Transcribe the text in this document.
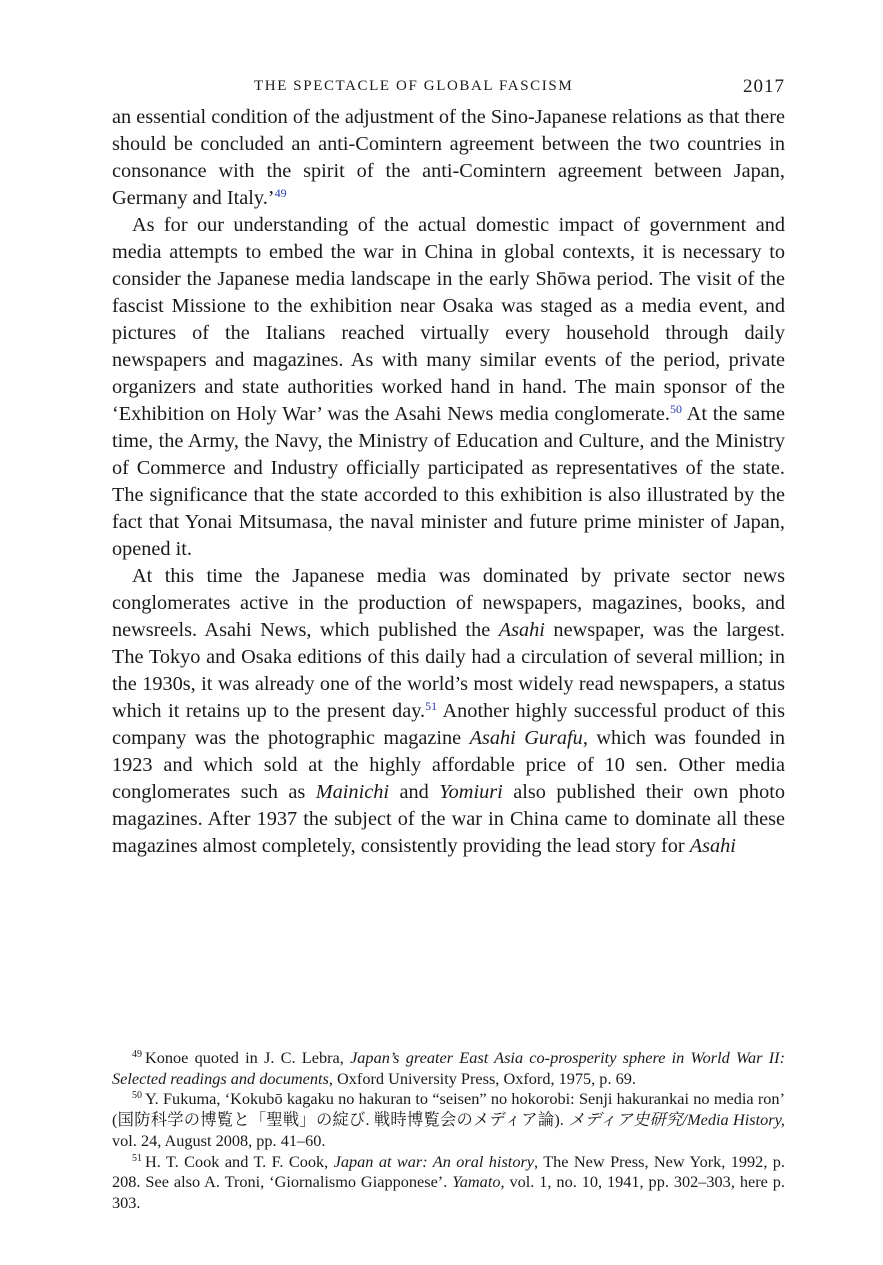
THE SPECTACLE OF GLOBAL FASCISM	2017

an essential condition of the adjustment of the Sino-Japanese relations as that there should be concluded an anti-Comintern agreement between the two countries in consonance with the spirit of the anti-Comintern agreement between Japan, Germany and Italy.’$^{49}$

As for our understanding of the actual domestic impact of government and media attempts to embed the war in China in global contexts, it is necessary to consider the Japanese media landscape in the early Shōwa period. The visit of the fascist Missione to the exhibition near Osaka was staged as a media event, and pictures of the Italians reached virtually every household through daily newspapers and magazines. As with many similar events of the period, private organizers and state authorities worked hand in hand. The main sponsor of the ‘Exhibition on Holy War’ was the Asahi News media conglomerate.$^{50}$ At the same time, the Army, the Navy, the Ministry of Education and Culture, and the Ministry of Commerce and Industry officially participated as representatives of the state. The significance that the state accorded to this exhibition is also illustrated by the fact that Yonai Mitsumasa, the naval minister and future prime minister of Japan, opened it.

At this time the Japanese media was dominated by private sector news conglomerates active in the production of newspapers, magazines, books, and newsreels. Asahi News, which published the Asahi newspaper, was the largest. The Tokyo and Osaka editions of this daily had a circulation of several million; in the 1930s, it was already one of the world’s most widely read newspapers, a status which it retains up to the present day.$^{51}$ Another highly successful product of this company was the photographic magazine Asahi Gurafu, which was founded in 1923 and which sold at the highly affordable price of 10 sen. Other media conglomerates such as Mainichi and Yomiuri also published their own photo magazines. After 1937 the subject of the war in China came to dominate all these magazines almost completely, consistently providing the lead story for Asahi

$^{49}$ Konoe quoted in J. C. Lebra, Japan’s greater East Asia co-prosperity sphere in World War II: Selected readings and documents, Oxford University Press, Oxford, 1975, p. 69.

$^{50}$ Y. Fukuma, ‘Kokubō kagaku no hakuran to “seisen” no hokorobi: Senji hakurankai no media ron’ (国防科学の博覧と「聖戦」の綻び. 戦時博覧会のメディア論). メディア史研究/Media History, vol. 24, August 2008, pp. 41–60.

$^{51}$ H. T. Cook and T. F. Cook, Japan at war: An oral history, The New Press, New York, 1992, p. 208. See also A. Troni, ‘Giornalismo Giapponese’. Yamato, vol. 1, no. 10, 1941, pp. 302–303, here p. 303.
